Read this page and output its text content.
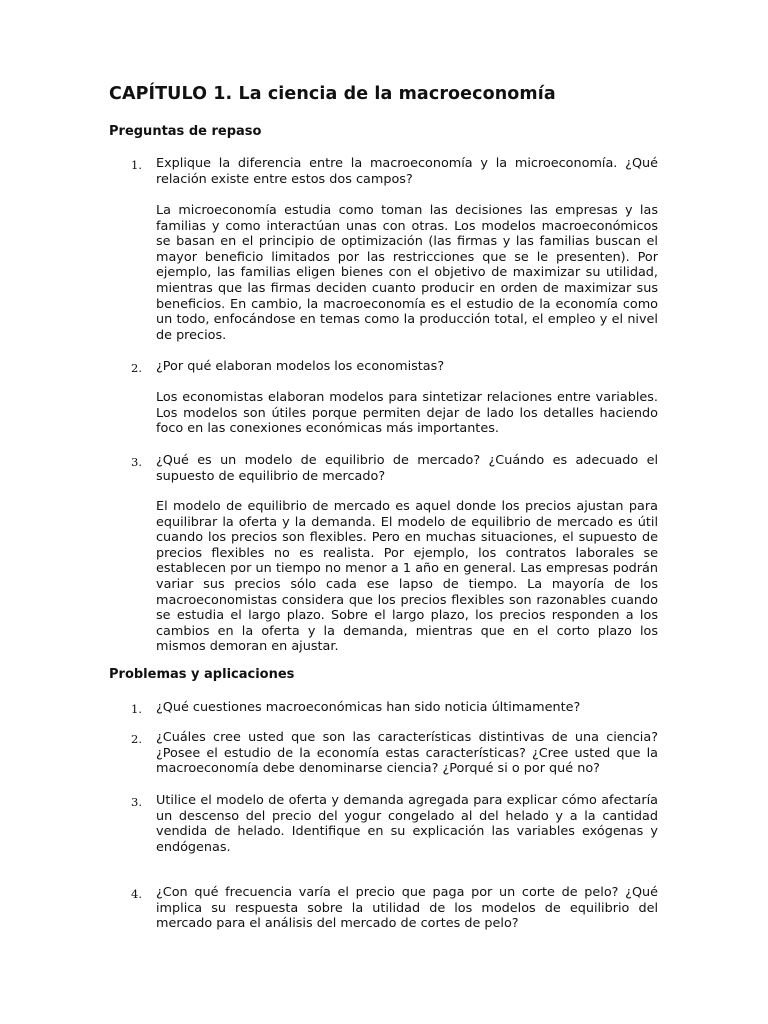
CAPÍTULO 1. La ciencia de la macroeconomía
Preguntas de repaso
1. Explique la diferencia entre la macroeconomía y la microeconomía. ¿Qué relación existe entre estos dos campos?

La microeconomía estudia como toman las decisiones las empresas y las familias y como interactúan unas con otras. Los modelos macroeconómicos se basan en el principio de optimización (las firmas y las familias buscan el mayor beneficio limitados por las restricciones que se le presenten). Por ejemplo, las familias eligen bienes con el objetivo de maximizar su utilidad, mientras que las firmas deciden cuanto producir en orden de maximizar sus beneficios. En cambio, la macroeconomía es el estudio de la economía como un todo, enfocándose en temas como la producción total, el empleo y el nivel de precios.

2. ¿Por qué elaboran modelos los economistas?

Los economistas elaboran modelos para sintetizar relaciones entre variables. Los modelos son útiles porque permiten dejar de lado los detalles haciendo foco en las conexiones económicas más importantes.

3. ¿Qué es un modelo de equilibrio de mercado? ¿Cuándo es adecuado el supuesto de equilibrio de mercado?

El modelo de equilibrio de mercado es aquel donde los precios ajustan para equilibrar la oferta y la demanda. El modelo de equilibrio de mercado es útil cuando los precios son flexibles. Pero en muchas situaciones, el supuesto de precios flexibles no es realista. Por ejemplo, los contratos laborales se establecen por un tiempo no menor a 1 año en general. Las empresas podrán variar sus precios sólo cada ese lapso de tiempo. La mayoría de los macroeconomistas considera que los precios flexibles son razonables cuando se estudia el largo plazo. Sobre el largo plazo, los precios responden a los cambios en la oferta y la demanda, mientras que en el corto plazo los mismos demoran en ajustar.

Problemas y aplicaciones
1. ¿Qué cuestiones macroeconómicas han sido noticia últimamente?

2. ¿Cuáles cree usted que son las características distintivas de una ciencia? ¿Posee el estudio de la economía estas características? ¿Cree usted que la macroeconomía debe denominarse ciencia? ¿Porqué si o por qué no?

3. Utilice el modelo de oferta y demanda agregada para explicar cómo afectaría un descenso del precio del yogur congelado al del helado y a la cantidad vendida de helado. Identifique en su explicación las variables exógenas y endógenas.

4. ¿Con qué frecuencia varía el precio que paga por un corte de pelo? ¿Qué implica su respuesta sobre la utilidad de los modelos de equilibrio del mercado para el análisis del mercado de cortes de pelo?
